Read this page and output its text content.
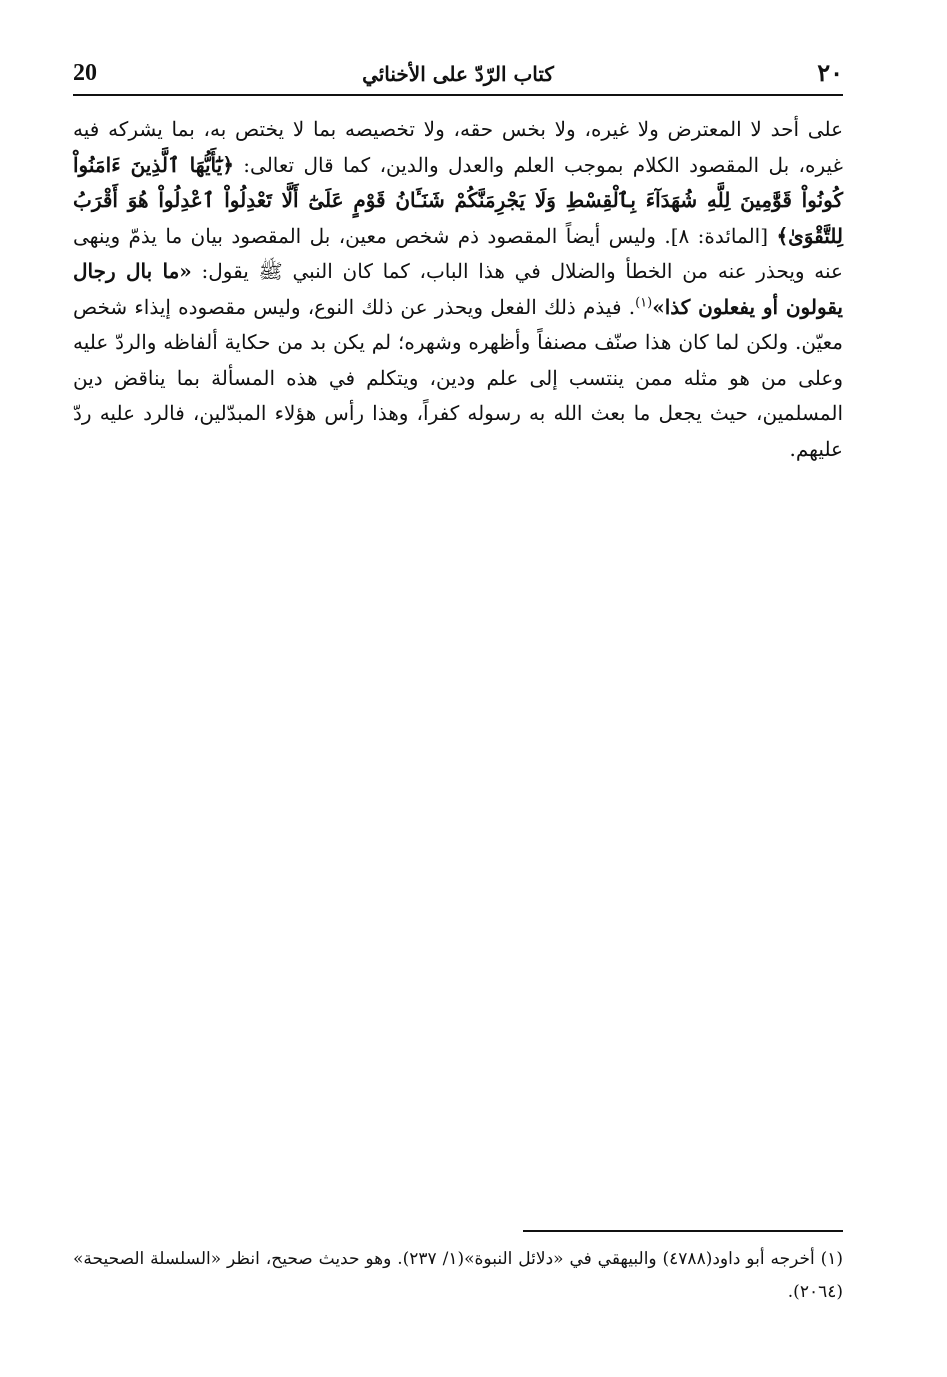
20	كتاب الرّدّ على الأخنائي	٢٠

على أحد لا المعترض ولا غيره، ولا بخس حقه، ولا تخصيصه بما لا يختص به، بما يشركه فيه غيره، بل المقصود الكلام بموجب العلم والعدل والدين، كما قال تعالى: ﴿يَٰٓأَيُّهَا ٱلَّذِينَ ءَامَنُواْ كُونُواْ قَوَّٰمِينَ لِلَّهِ شُهَدَآءَ بِٱلْقِسْطِ وَلَا يَجْرِمَنَّكُمْ شَنَـَٔانُ قَوْمٍ عَلَىٰٓ أَلَّا تَعْدِلُواْ ٱعْدِلُواْ هُوَ أَقْرَبُ لِلتَّقْوَىٰ﴾ [المائدة: ٨]. وليس أيضاً المقصود ذم شخص معين، بل المقصود بيان ما يذمّ وينهى عنه ويحذر عنه من الخطأ والضلال في هذا الباب، كما كان النبي ﷺ يقول: «ما بال رجال يقولون أو يفعلون كذا»$^{(١)}$. فيذم ذلك الفعل ويحذر عن ذلك النوع، وليس مقصوده إيذاء شخص معيّن. ولكن لما كان هذا صنّف مصنفاً وأظهره وشهره؛ لم يكن بد من حكاية ألفاظه والردّ عليه وعلى من هو مثله ممن ينتسب إلى علم ودين، ويتكلم في هذه المسألة بما يناقض دين المسلمين، حيث يجعل ما بعث الله به رسوله كفراً، وهذا رأس هؤلاء المبدّلين، فالرد عليه ردّ عليهم.

(١) أخرجه أبو داود(٤٧٨٨) والبيهقي في «دلائل النبوة»(١/ ٢٣٧). وهو حديث صحيح، انظر «السلسلة الصحيحة» (٢٠٦٤).
